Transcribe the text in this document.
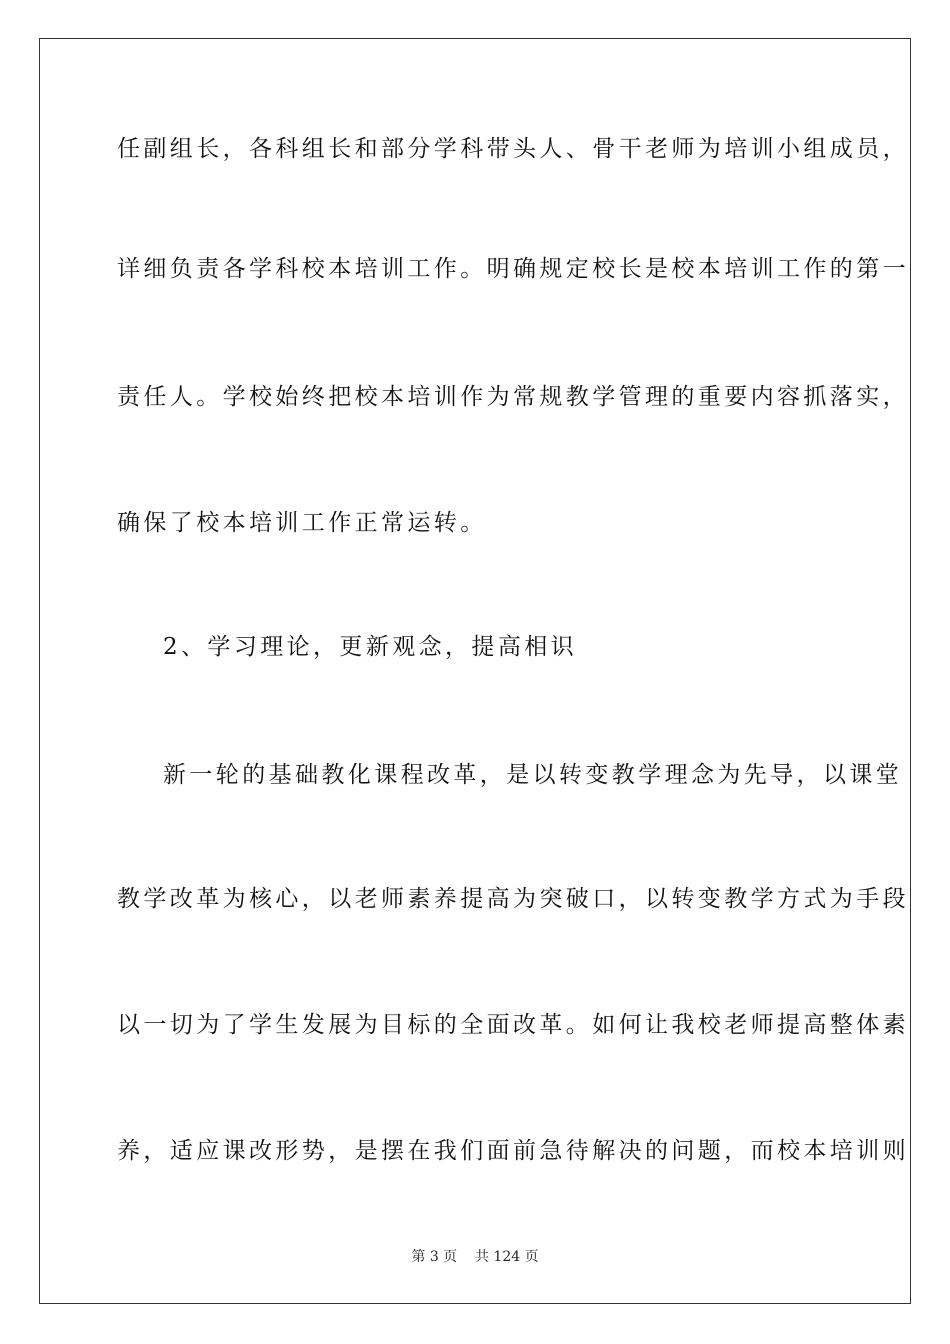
任副组长，各科组长和部分学科带头人、骨干老师为培训小组成员，
详细负责各学科校本培训工作。明确规定校长是校本培训工作的第一
责任人。学校始终把校本培训作为常规教学管理的重要内容抓落实，
确保了校本培训工作正常运转。
2、学习理论，更新观念，提高相识
新一轮的基础教化课程改革，是以转变教学理念为先导，以课堂
教学改革为核心，以老师素养提高为突破口，以转变教学方式为手段
以一切为了学生发展为目标的全面改革。如何让我校老师提高整体素
养，适应课改形势，是摆在我们面前急待解决的问题，而校本培训则
第 3 页    共 124 页
